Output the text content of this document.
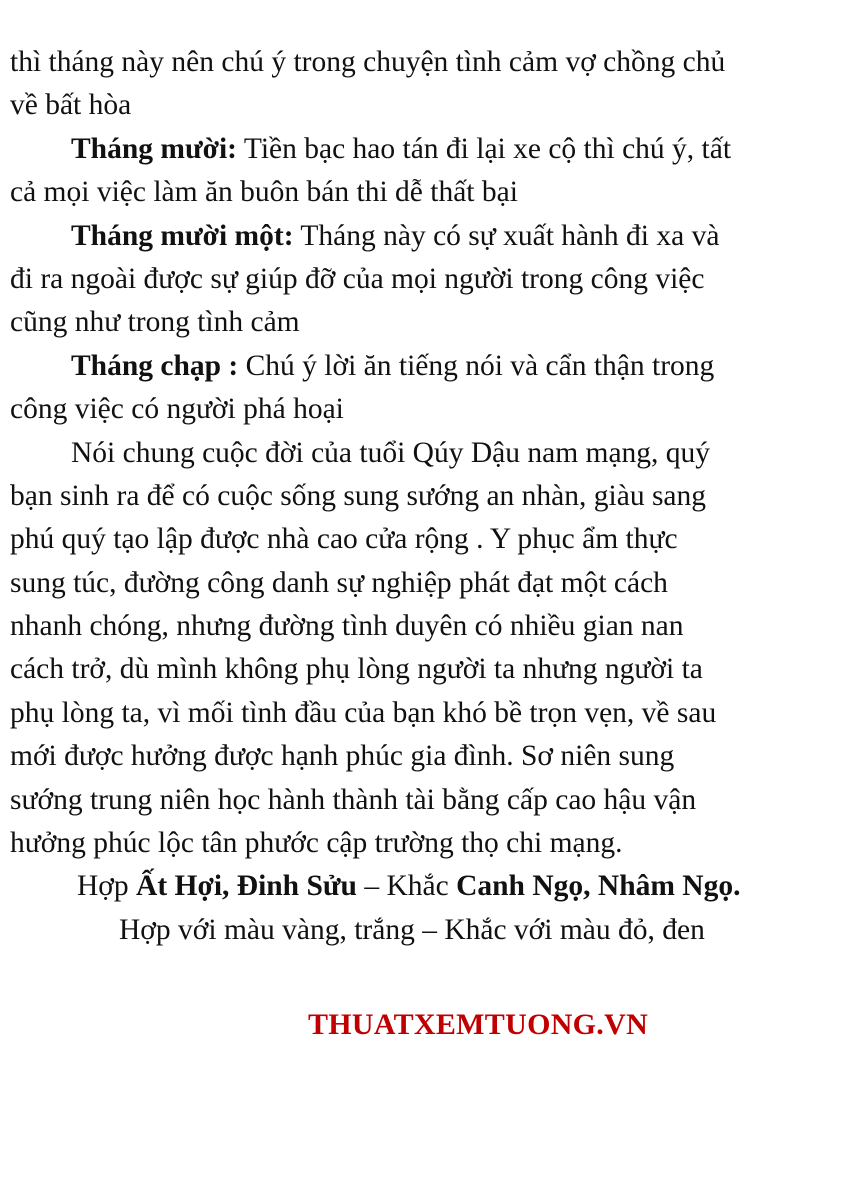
thì tháng này nên chú ý trong chuyện tình cảm vợ chồng chủ
về bất hòa
Tháng mười: Tiền bạc hao tán đi lại xe cộ thì chú ý, tất
cả mọi việc làm ăn buôn bán thi dễ thất bại
Tháng mười một: Tháng này có sự xuất hành đi xa và
đi ra ngoài được sự giúp đỡ của mọi người trong công việc
cũng như trong tình cảm
Tháng chạp : Chú ý lời ăn tiếng nói và cẩn thận trong
công việc có người phá hoại
Nói chung cuộc đời của tuổi Qúy Dậu nam mạng, quý
bạn sinh ra để có cuộc sống sung sướng an nhàn, giàu sang
phú quý tạo lập được nhà cao cửa rộng . Y phục ẩm thực
sung túc, đường công danh sự nghiệp phát đạt một cách
nhanh chóng, nhưng đường tình duyên có nhiều gian nan
cách trở, dù mình không phụ lòng người ta nhưng người ta
phụ lòng ta, vì mối tình đầu của bạn khó bề trọn vẹn, về sau
mới được hưởng được hạnh phúc gia đình. Sơ niên sung
sướng trung niên học hành thành tài bằng cấp cao hậu vận
hưởng phúc lộc tân phước cập trường thọ chi mạng.
Hợp Ất Hợi, Đinh Sửu – Khắc Canh Ngọ, Nhâm Ngọ.
Hợp với màu vàng, trắng – Khắc với màu đỏ, đen
THUATXEMTUONG.VN
